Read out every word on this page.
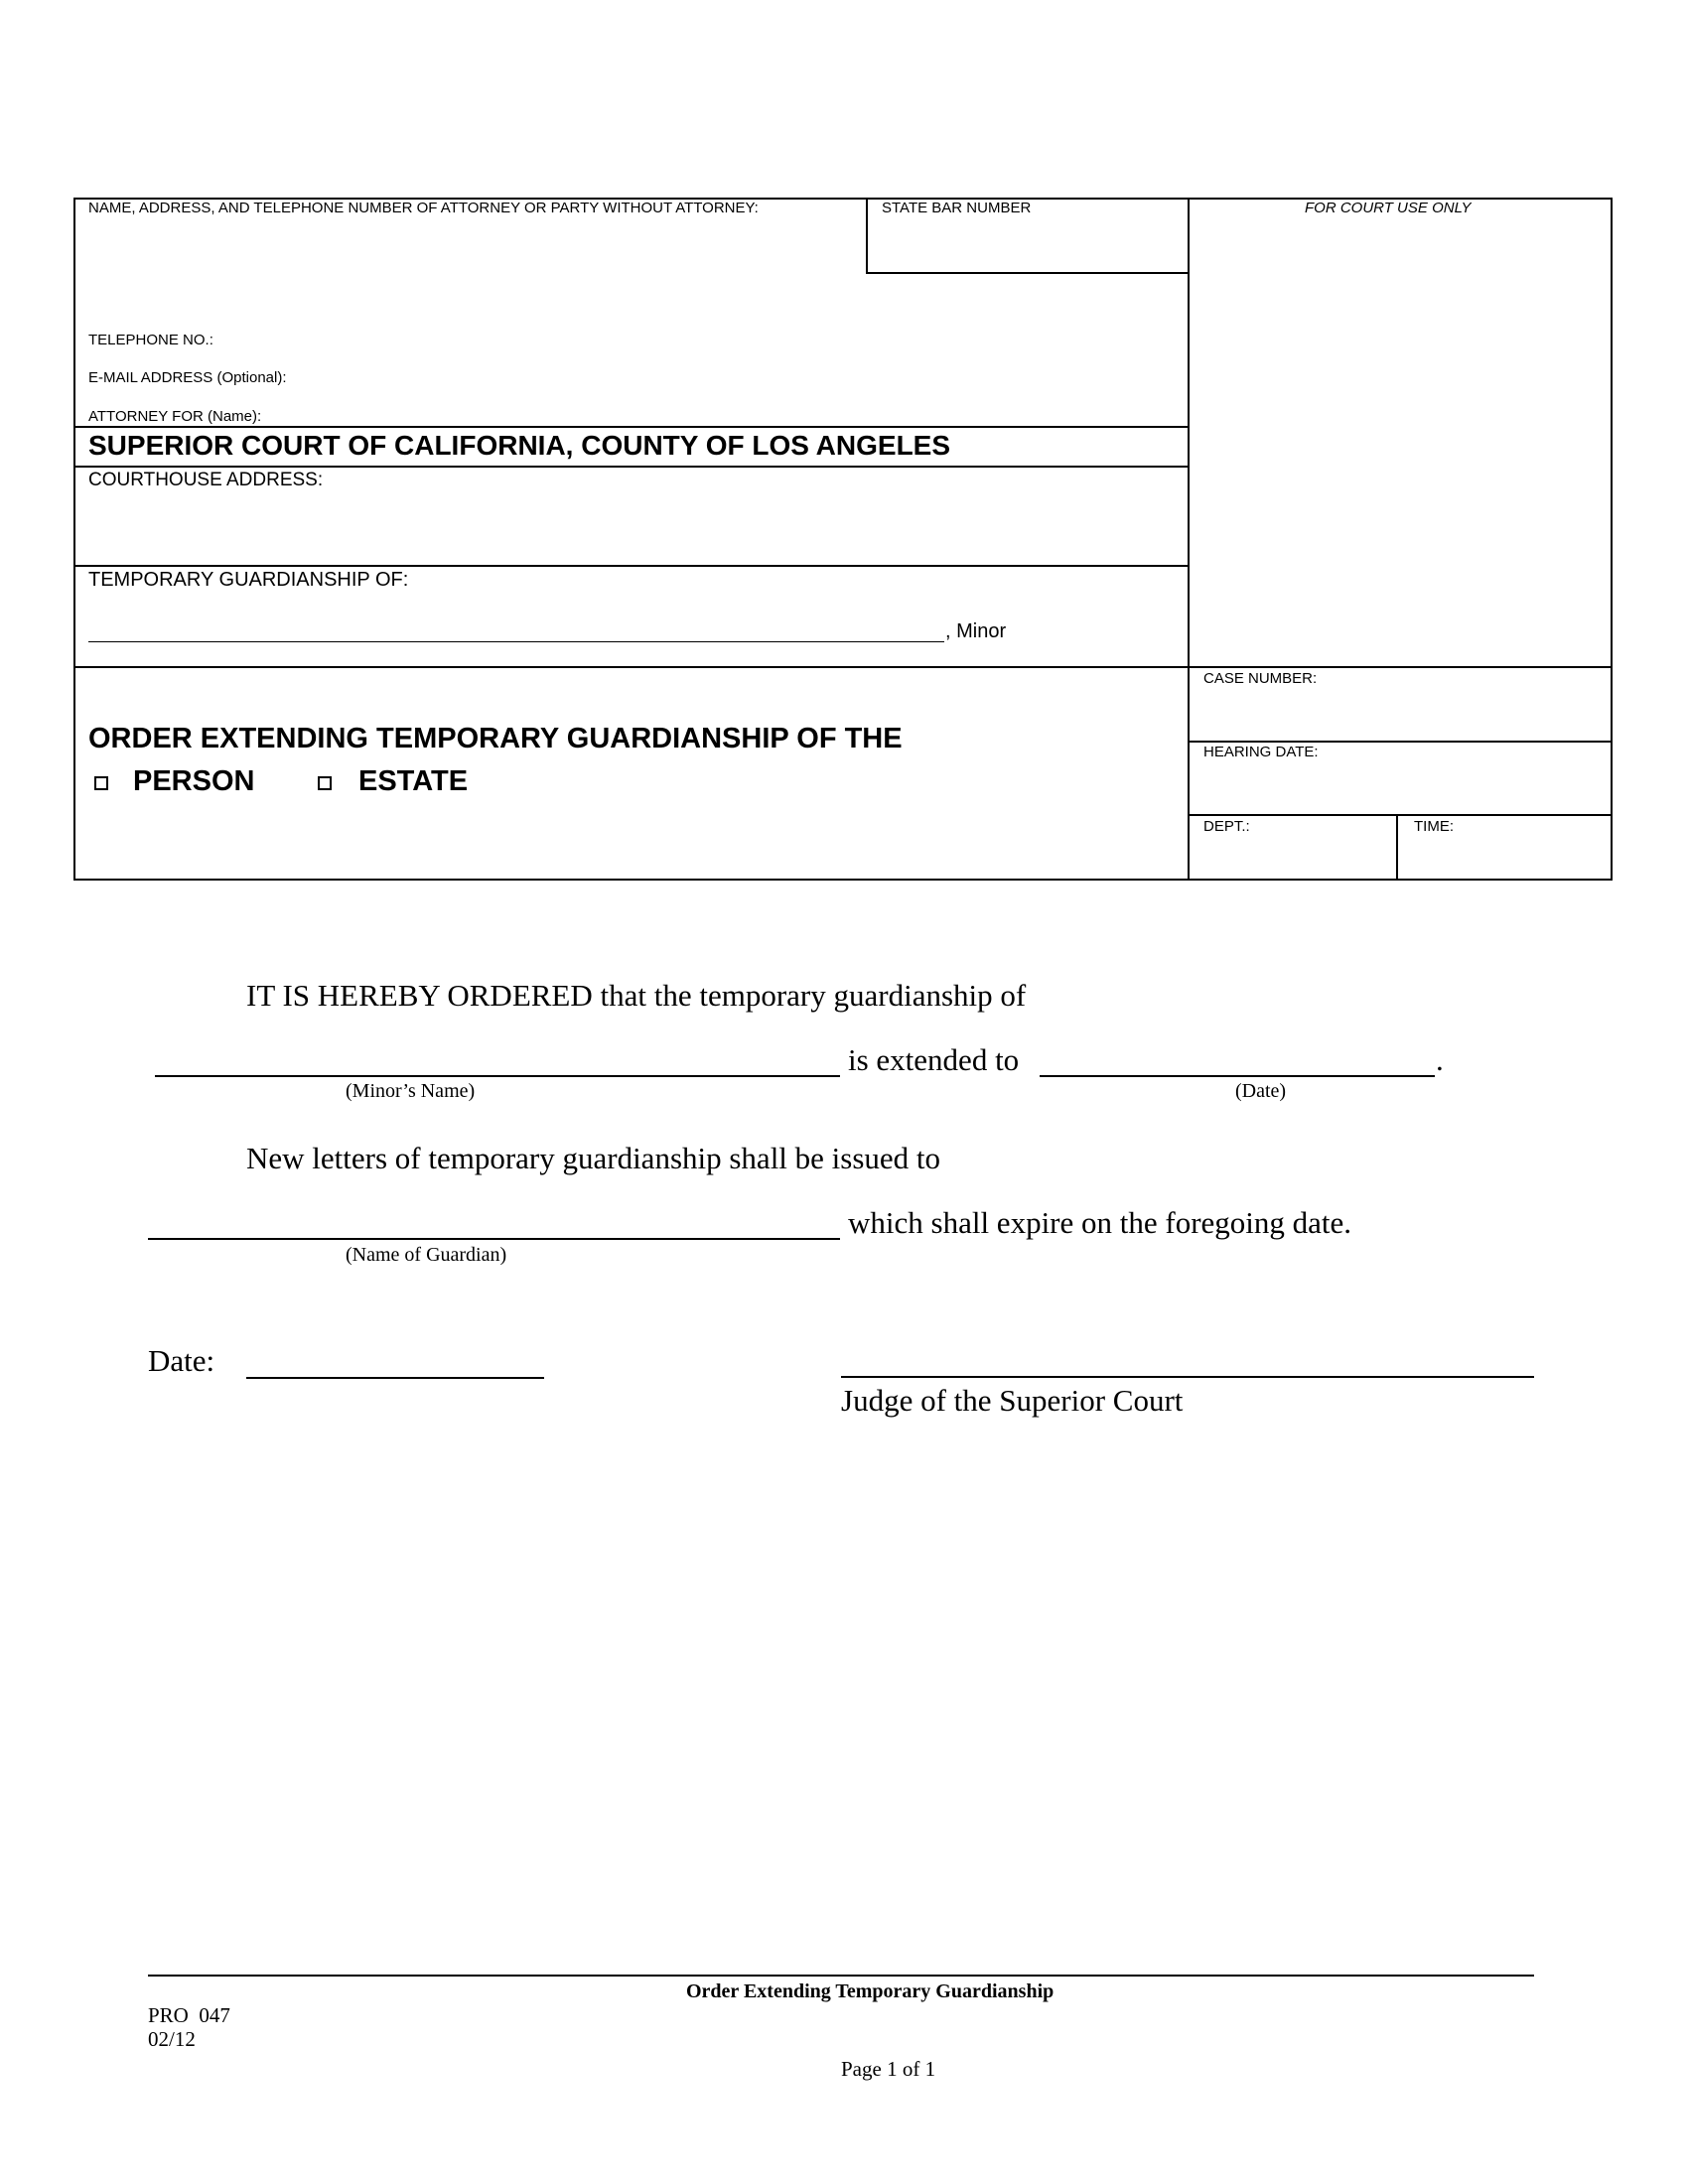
NAME, ADDRESS, AND TELEPHONE NUMBER OF ATTORNEY OR PARTY WITHOUT ATTORNEY:	STATE BAR NUMBER	FOR COURT USE ONLY
TELEPHONE NO.:
E-MAIL ADDRESS (Optional):
ATTORNEY FOR (Name):
SUPERIOR COURT OF CALIFORNIA, COUNTY OF LOS ANGELES
COURTHOUSE ADDRESS:
TEMPORARY GUARDIANSHIP OF:
, Minor
CASE NUMBER:
HEARING DATE:
DEPT.:	TIME:
ORDER EXTENDING TEMPORARY GUARDIANSHIP OF THE
PERSON	ESTATE
IT IS HEREBY ORDERED that the temporary guardianship of
is extended to	.
(Minor’s Name)	(Date)
New letters of temporary guardianship shall be issued to
which shall expire on the foregoing date.
(Name of Guardian)
Date:
Judge of the Superior Court
Order Extending Temporary Guardianship
PRO  047
02/12
Page 1 of 1
